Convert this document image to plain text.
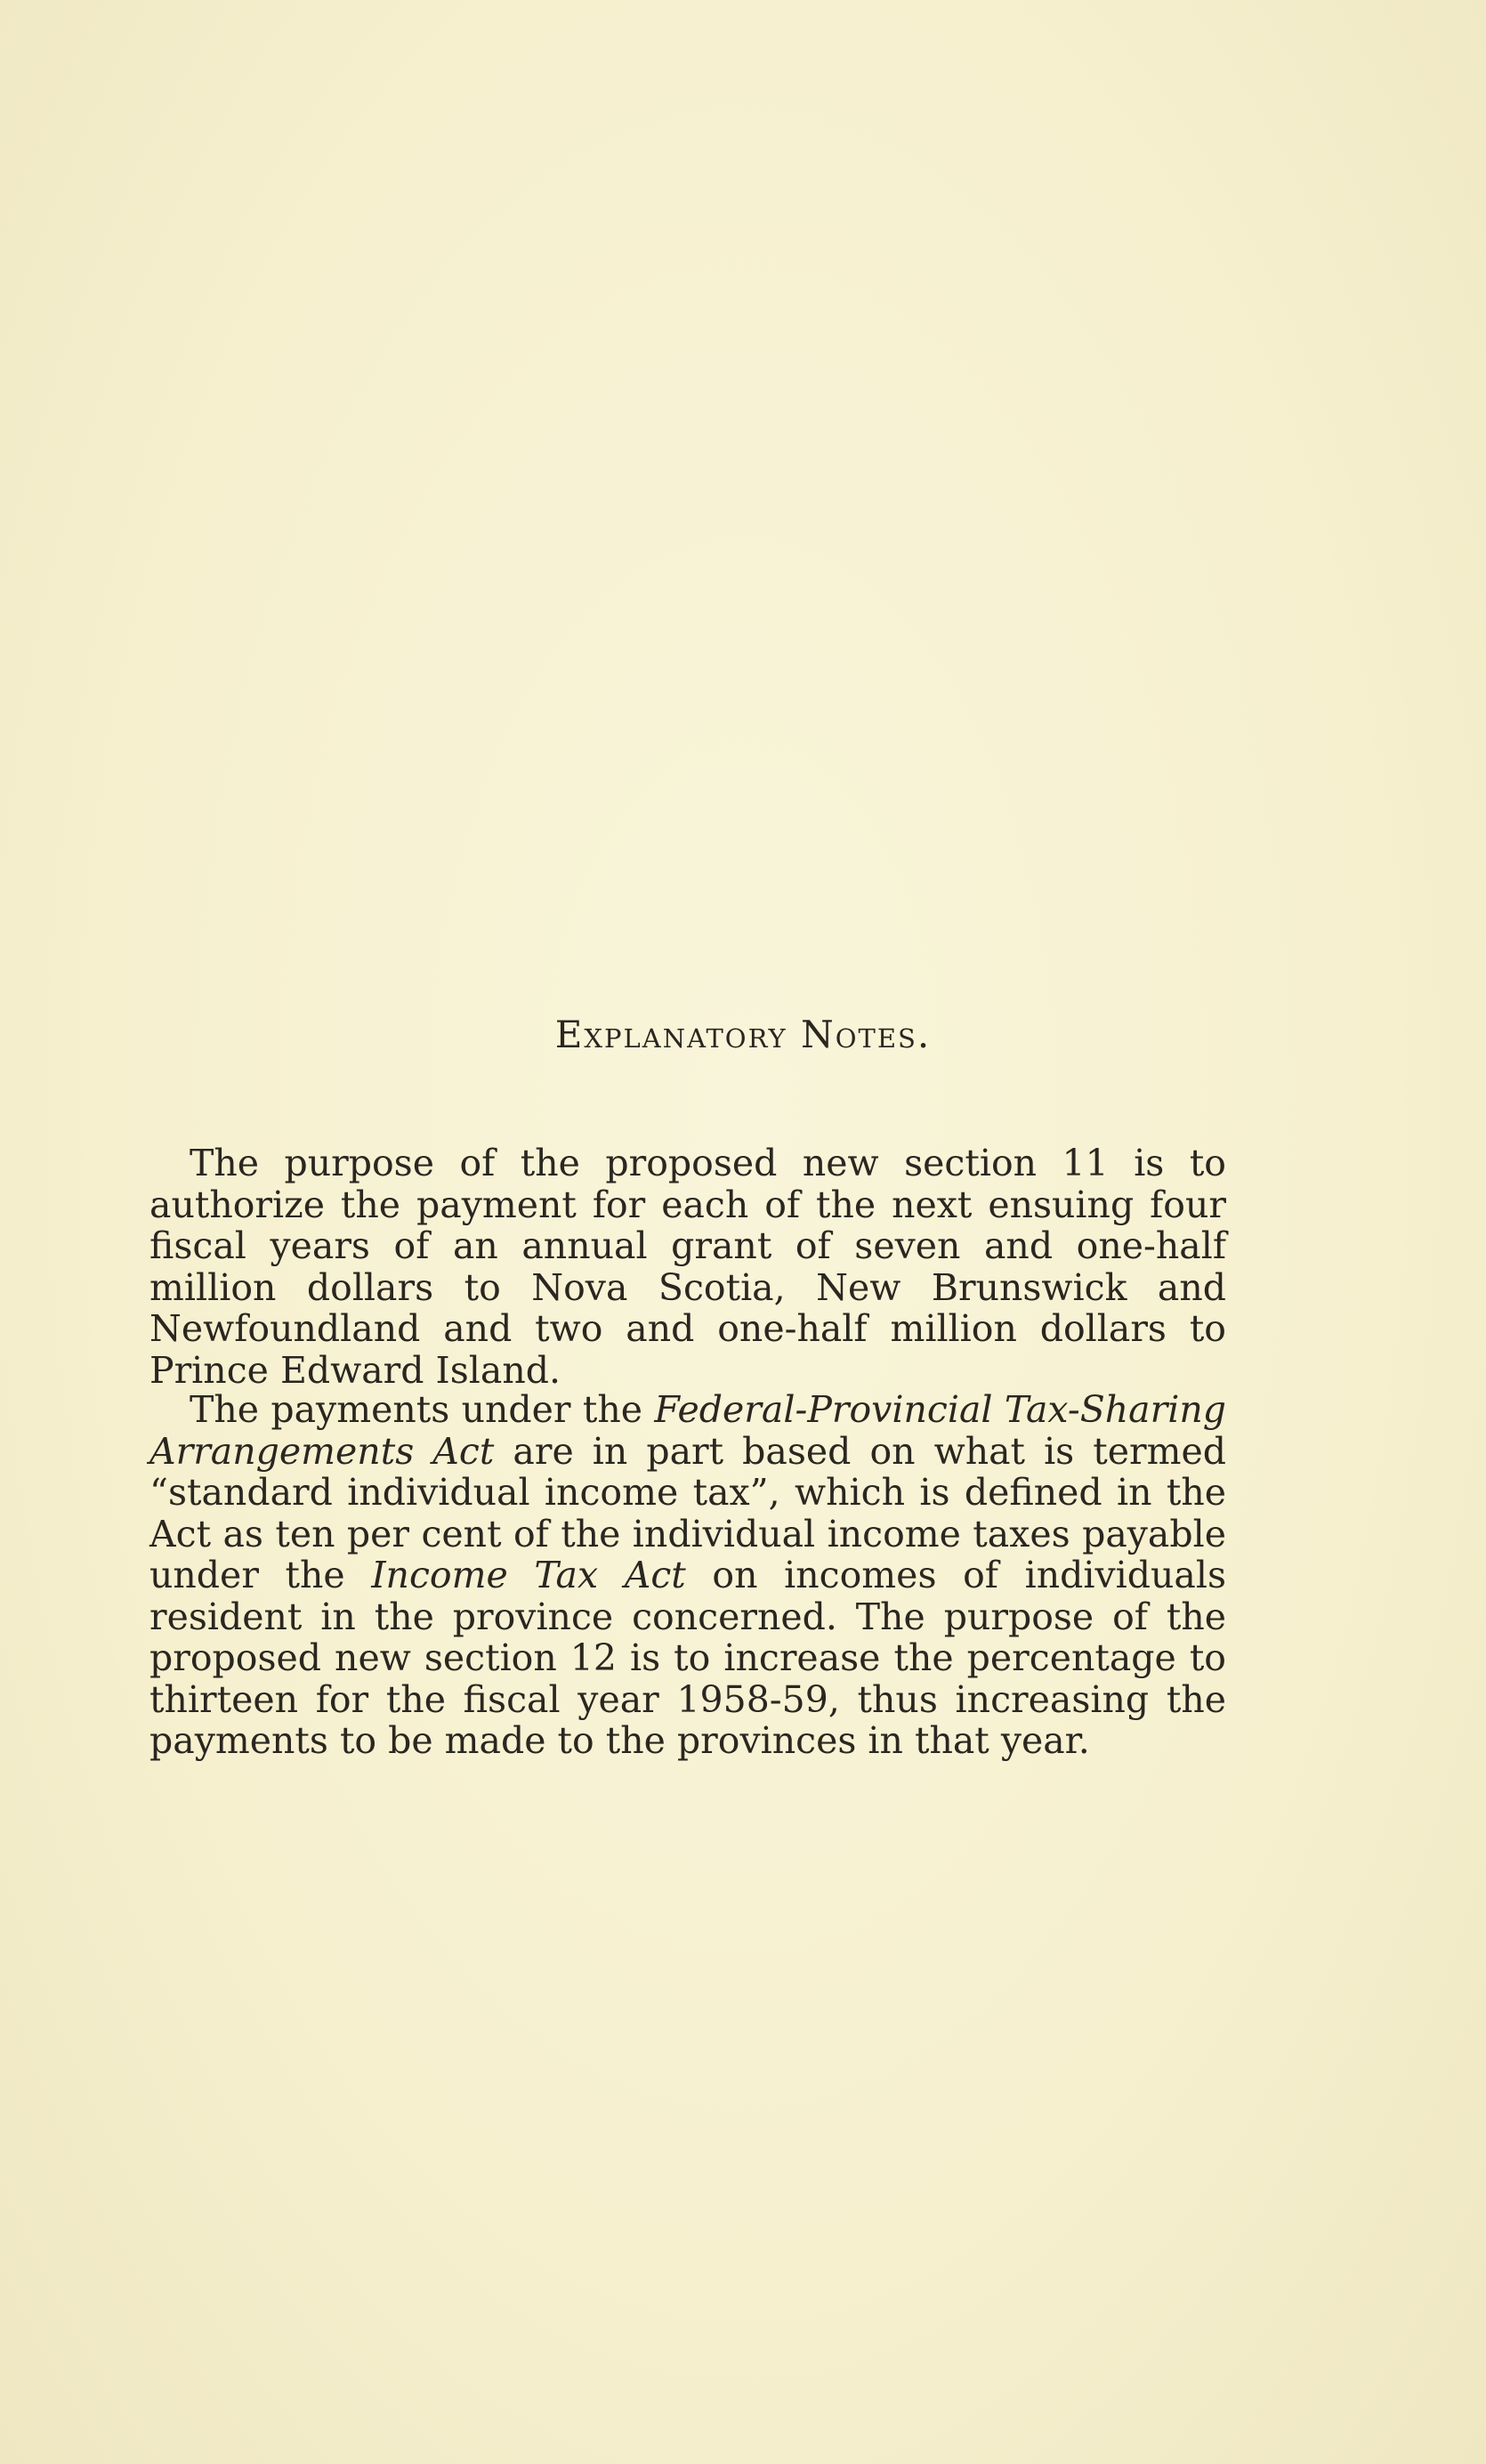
Explanatory Notes.

The purpose of the proposed new section 11 is to authorize the payment for each of the next ensuing four fiscal years of an annual grant of seven and one-half million dollars to Nova Scotia, New Brunswick and Newfoundland and two and one-half million dollars to Prince Edward Island.

The payments under the Federal-Provincial Tax-Sharing Arrangements Act are in part based on what is termed “standard individual income tax”, which is defined in the Act as ten per cent of the individual income taxes payable under the Income Tax Act on incomes of individuals resident in the province concerned. The purpose of the proposed new section 12 is to increase the percentage to thirteen for the fiscal year 1958-59, thus increasing the payments to be made to the provinces in that year.
